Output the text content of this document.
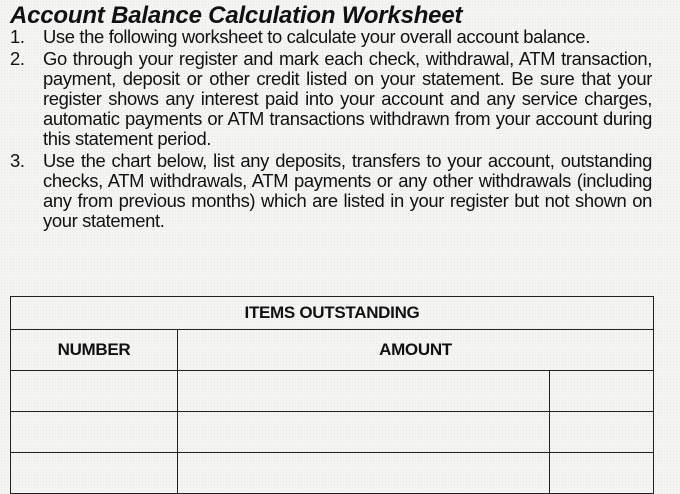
Account Balance Calculation Worksheet
1. Use the following worksheet to calculate your overall account balance.
2. Go through your register and mark each check, withdrawal, ATM transaction, payment, deposit or other credit listed on your statement. Be sure that your register shows any interest paid into your account and any service charges, automatic payments or ATM transactions withdrawn from your account during this statement period.
3. Use the chart below, list any deposits, transfers to your account, outstanding checks, ATM withdrawals, ATM payments or any other withdrawals (including any from previous months) which are listed in your register but not shown on your statement.
ITEMS OUTSTANDING		
NUMBER	AMOUNT	
